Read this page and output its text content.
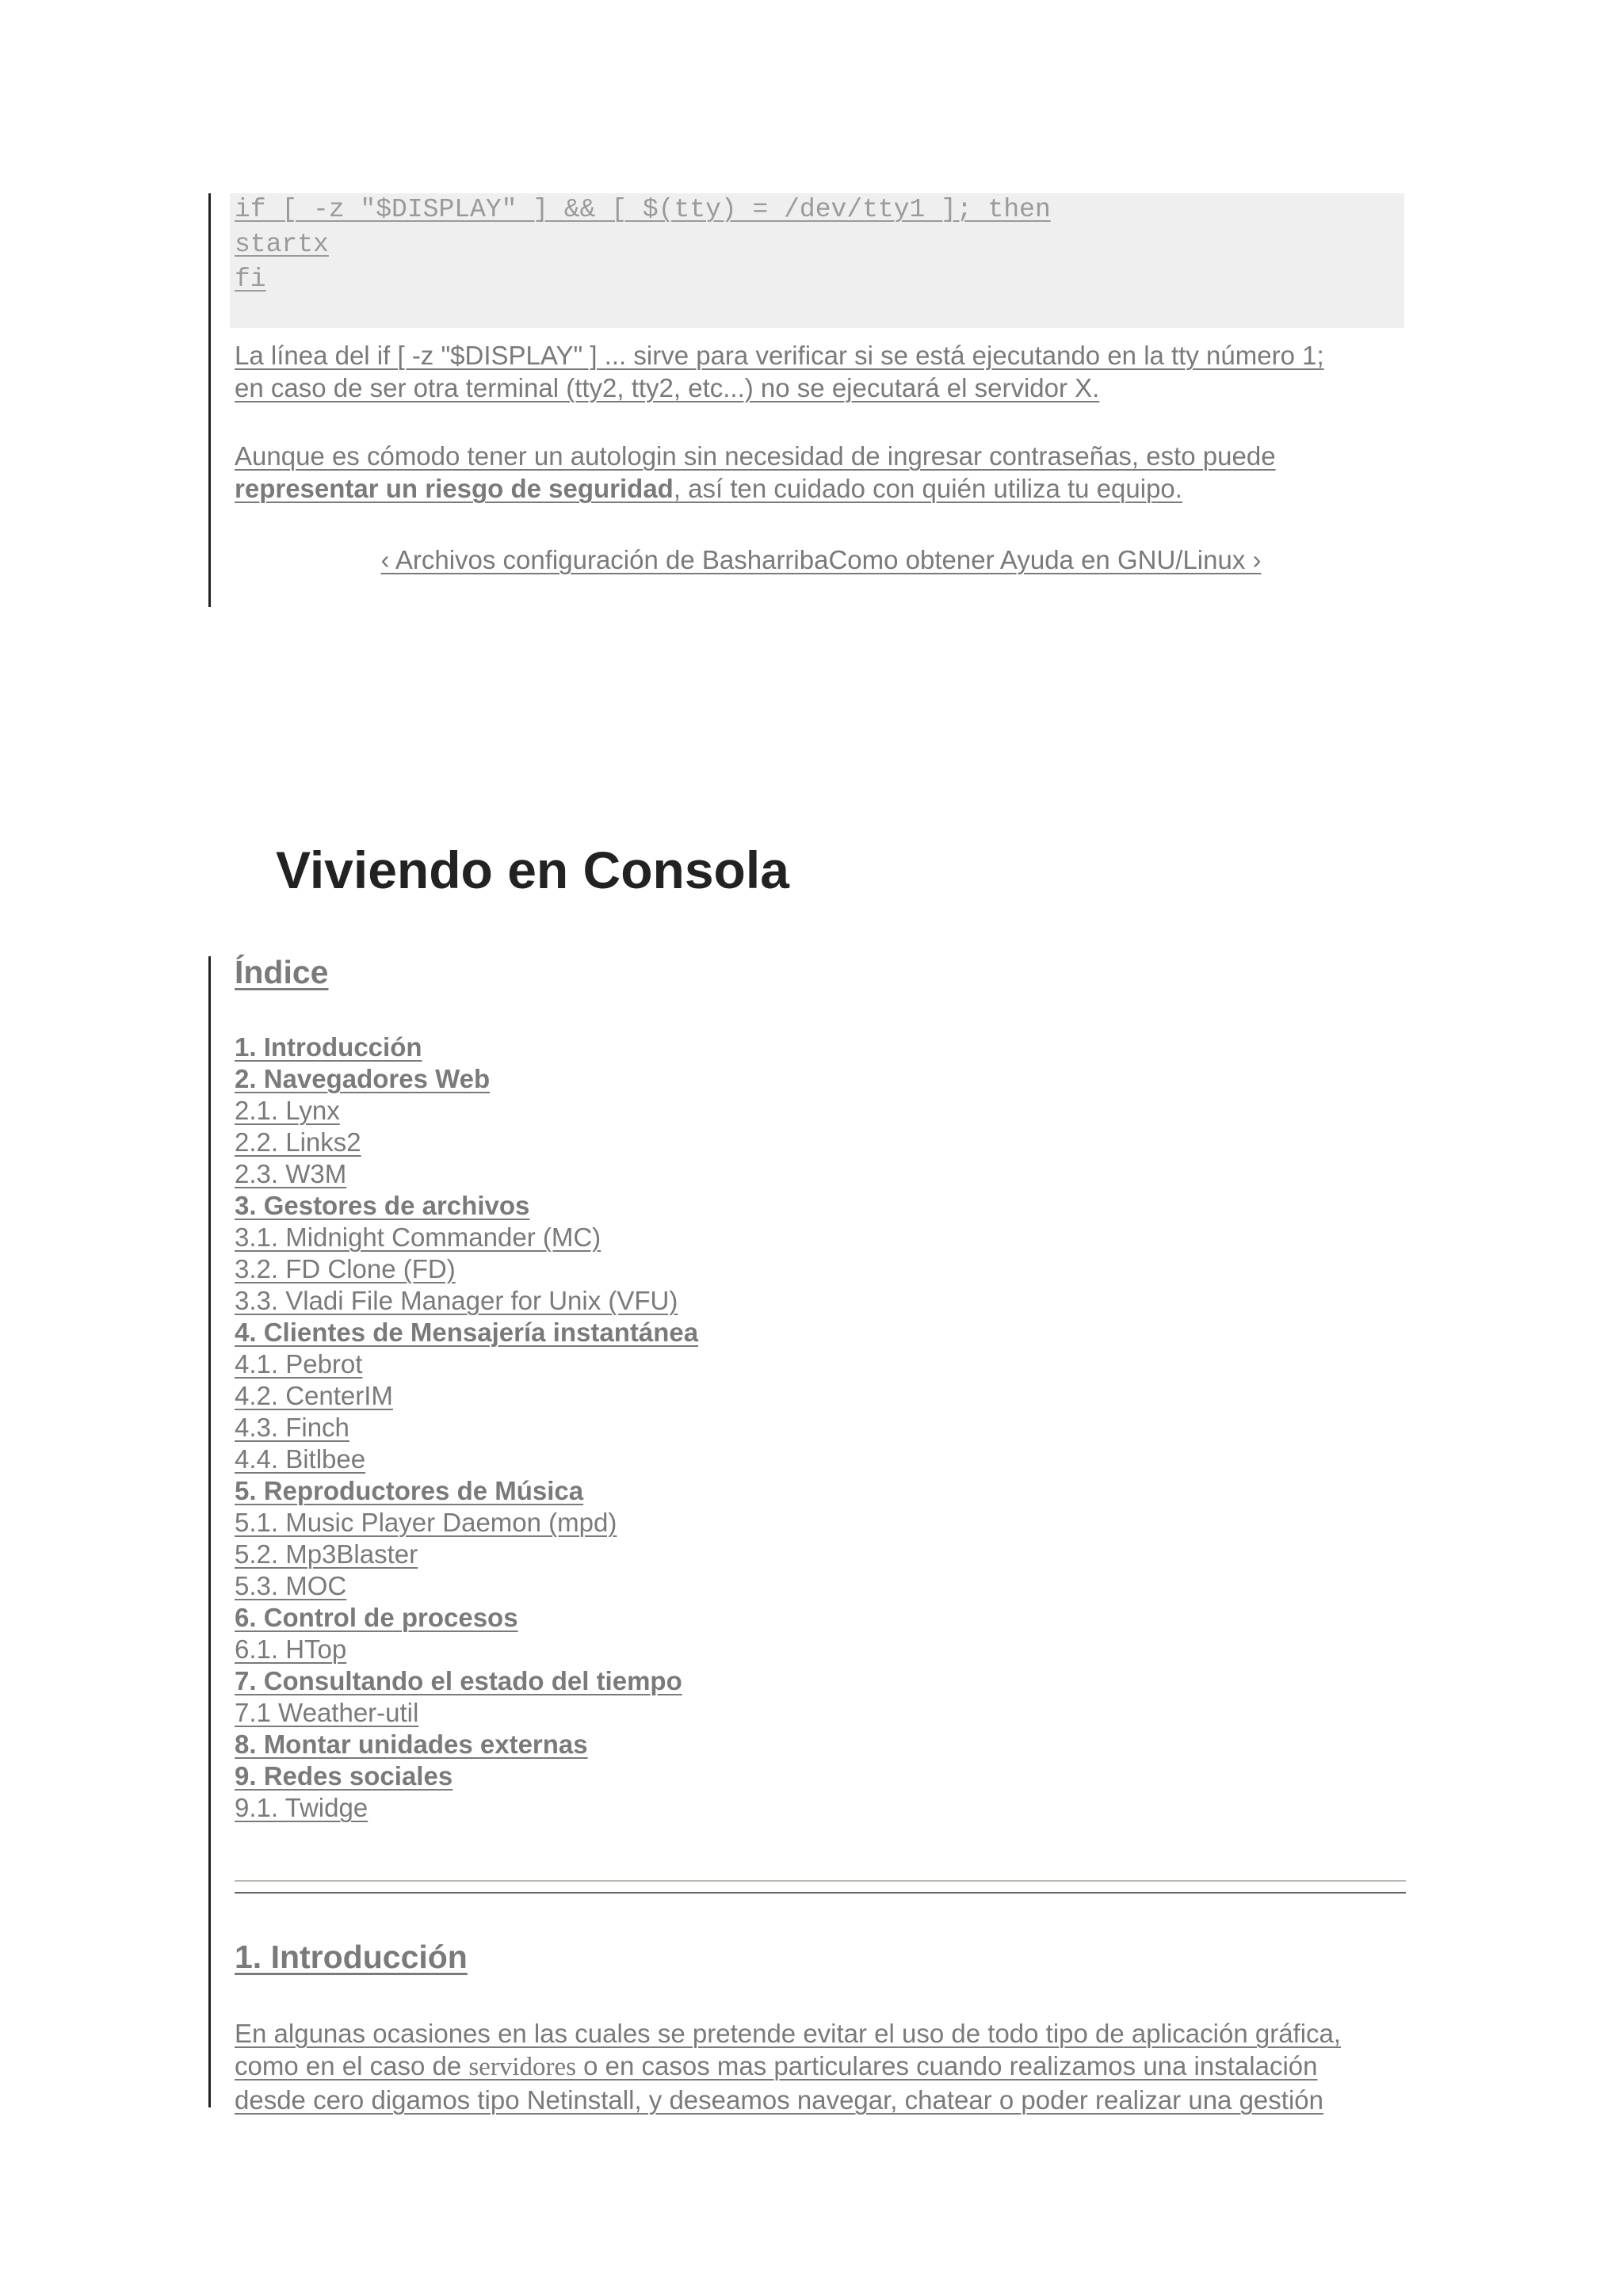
if [ -z "$DISPLAY" ] && [ $(tty) = /dev/tty1 ]; then
startx
fi
La línea del if [ -z "$DISPLAY" ] ... sirve para verificar si se está ejecutando en la tty número 1;
en caso de ser otra terminal (tty2, tty2, etc...) no se ejecutará el servidor X.
Aunque es cómodo tener un autologin sin necesidad de ingresar contraseñas, esto puede
representar un riesgo de seguridad, así ten cuidado con quién utiliza tu equipo.
‹ Archivos configuración de BasharribaComo obtener Ayuda en GNU/Linux ›
Viviendo en Consola
Índice
1. Introducción
2. Navegadores Web
2.1. Lynx
2.2. Links2
2.3. W3M
3. Gestores de archivos
3.1. Midnight Commander (MC)
3.2. FD Clone (FD)
3.3. Vladi File Manager for Unix (VFU)
4. Clientes de Mensajería instantánea
4.1. Pebrot
4.2. CenterIM
4.3. Finch
4.4. Bitlbee
5. Reproductores de Música
5.1. Music Player Daemon (mpd)
5.2. Mp3Blaster
5.3. MOC
6. Control de procesos
6.1. HTop
7. Consultando el estado del tiempo
7.1 Weather-util
8. Montar unidades externas
9. Redes sociales
9.1. Twidge
1. Introducción
En algunas ocasiones en las cuales se pretende evitar el uso de todo tipo de aplicación gráfica,
como en el caso de servidores o en casos mas particulares cuando realizamos una instalación
desde cero digamos tipo Netinstall, y deseamos navegar, chatear o poder realizar una gestión
